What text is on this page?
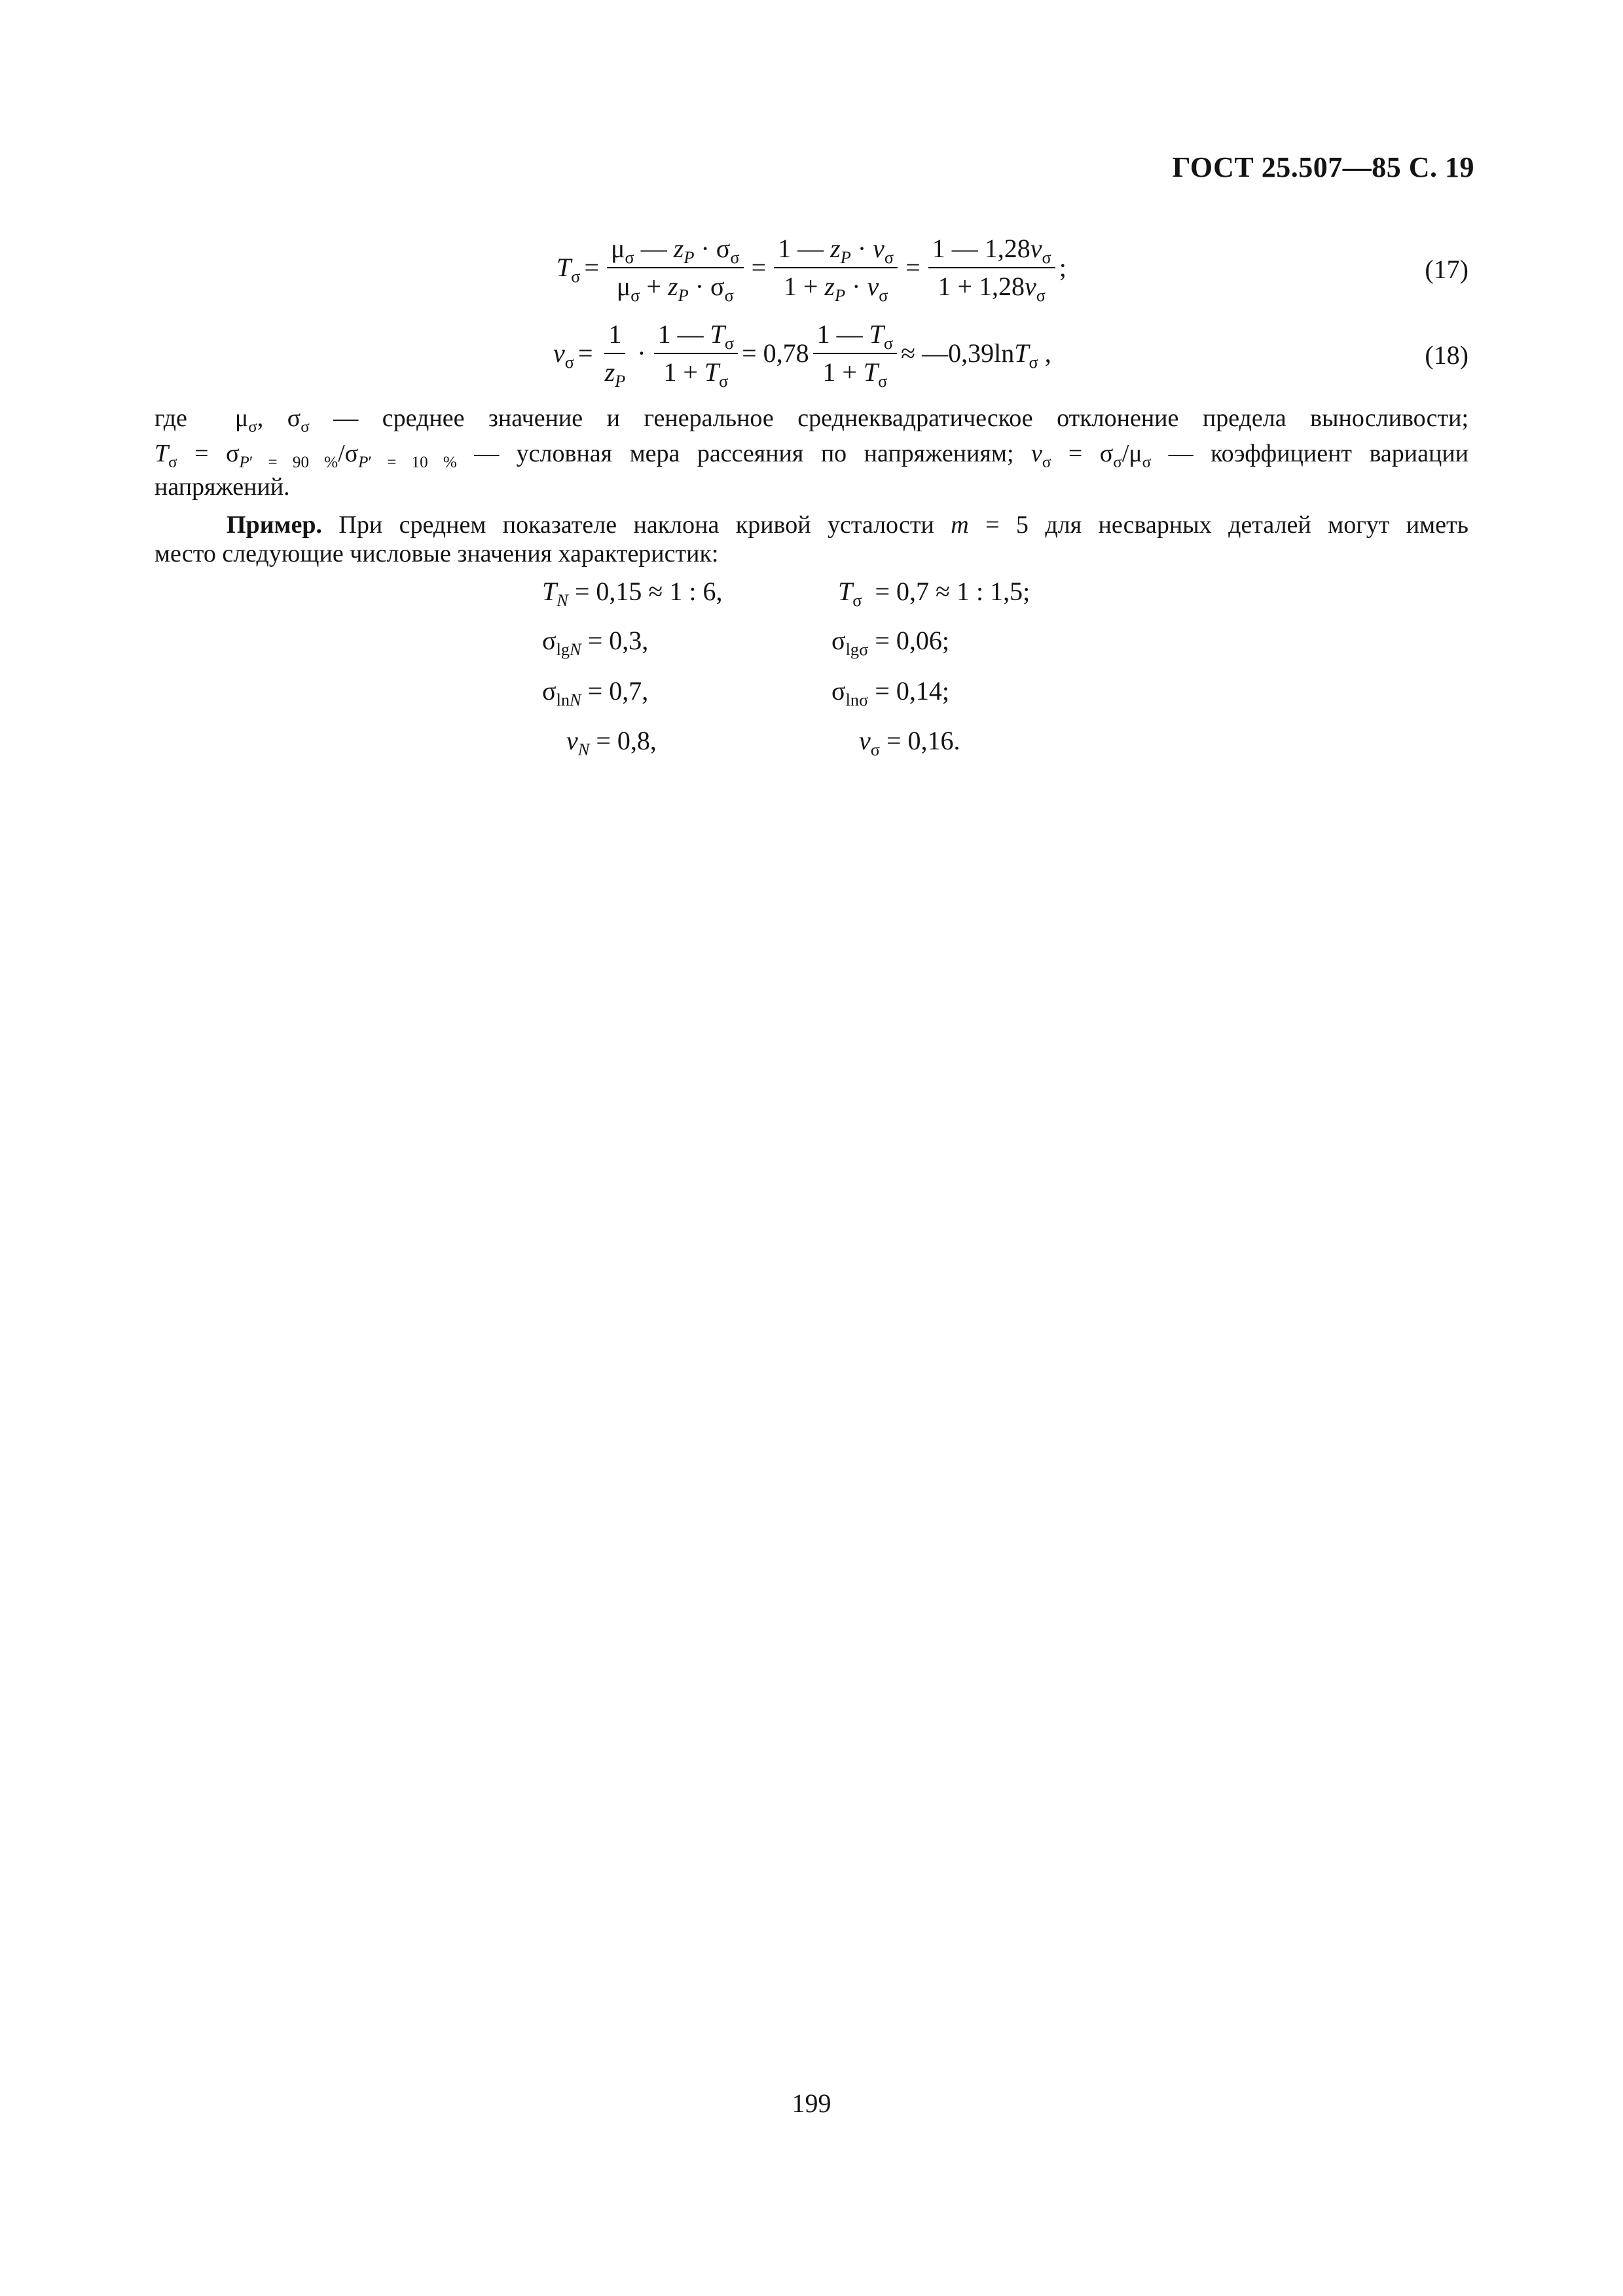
ГОСТ 25.507—85 С. 19
$T_\sigma = \frac{\mu_\sigma — z_P \cdot \sigma_\sigma}{\mu_\sigma + z_P \cdot \sigma_\sigma} = \frac{1 — z_P \cdot v_\sigma}{1 + z_P \cdot v_\sigma} = \frac{1 — 1,28v_\sigma}{1 + 1,28v_\sigma}$ ;	(17)
$v_\sigma = \frac{1}{z_P} \cdot \frac{1 — T_\sigma}{1 + T_\sigma} = 0,78 \frac{1 — T_\sigma}{1 + T_\sigma}$ ≈ —0,39lnT$_\sigma$ ,	(18)
где  $\mu_\sigma$, $\sigma_\sigma$ — среднее значение и генеральное среднеквадратическое отклонение предела выносливости;
$T_\sigma = \sigma_{P' = 90 \%}/\sigma_{P' = 10 \%}$ — условная мера рассеяния по напряжениям; $v_\sigma = \sigma_\sigma/\mu_\sigma$ — коэффициент вариации
напряжений.
Пример. При среднем показателе наклона кривой усталости m = 5 для несварных деталей могут иметь
место следующие числовые значения характеристик:
$T_N = 0,15 \approx 1$ : 6,	$T_\sigma = 0,7 \approx 1$ : 1,5;
$\sigma_{lgN} = 0,3$,	$\sigma_{lg\sigma} = 0,06$;
$\sigma_{lnN} = 0,7$,	$\sigma_{ln\sigma} = 0,14$;
$v_N = 0,8$,	$v_\sigma = 0,16$.
199
